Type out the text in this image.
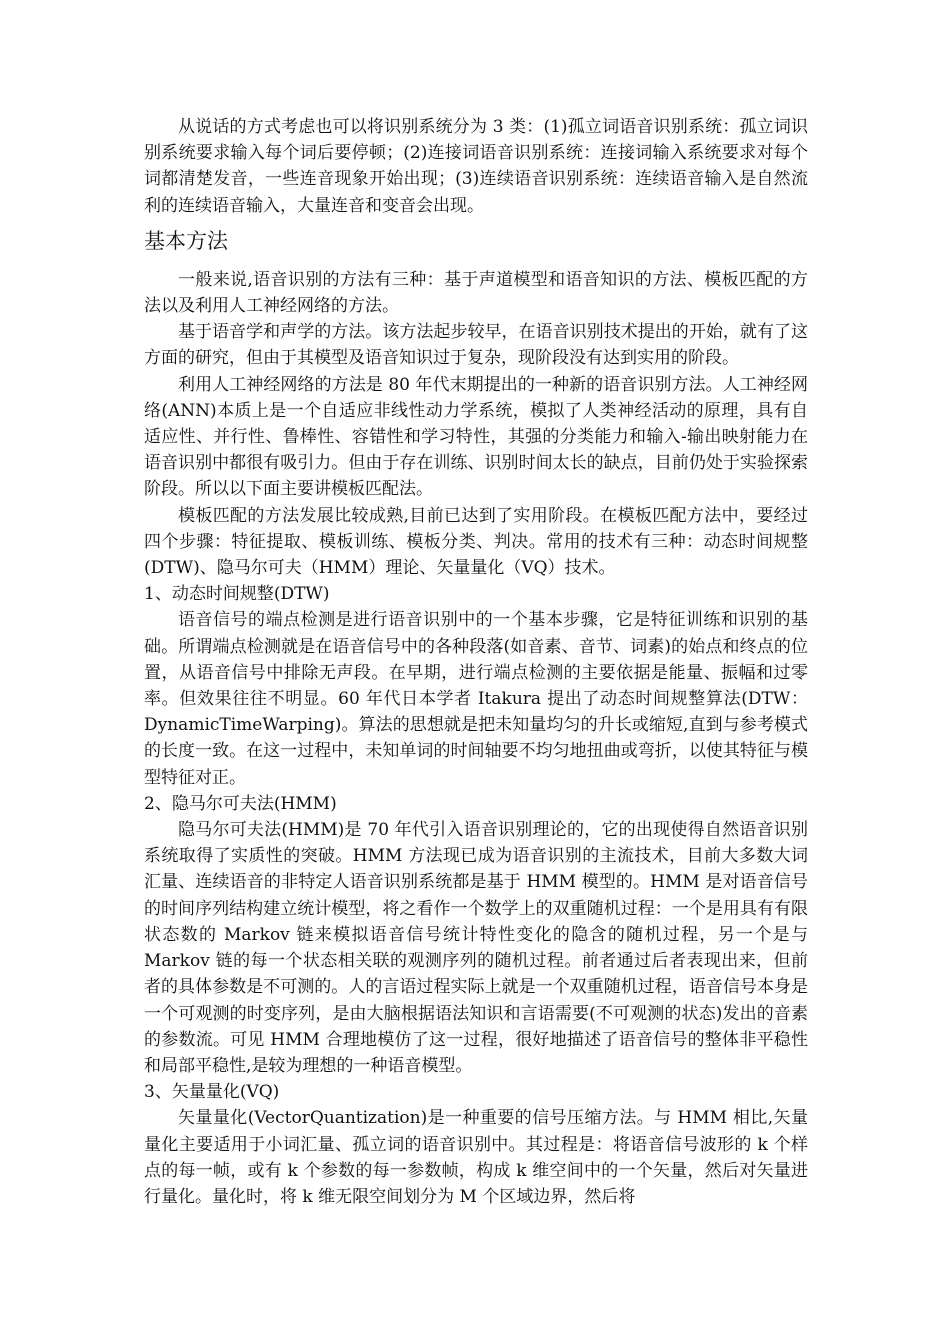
从说话的方式考虑也可以将识别系统分为 3 类：(1)孤立词语音识别系统：孤立词识别系统要求输入每个词后要停顿；(2)连接词语音识别系统：连接词输入系统要求对每个词都清楚发音，一些连音现象开始出现；(3)连续语音识别系统：连续语音输入是自然流利的连续语音输入，大量连音和变音会出现。

基本方法

一般来说,语音识别的方法有三种：基于声道模型和语音知识的方法、模板匹配的方法以及利用人工神经网络的方法。

基于语音学和声学的方法。该方法起步较早，在语音识别技术提出的开始，就有了这方面的研究，但由于其模型及语音知识过于复杂，现阶段没有达到实用的阶段。

利用人工神经网络的方法是 80 年代末期提出的一种新的语音识别方法。人工神经网络(ANN)本质上是一个自适应非线性动力学系统，模拟了人类神经活动的原理，具有自适应性、并行性、鲁棒性、容错性和学习特性，其强的分类能力和输入-输出映射能力在语音识别中都很有吸引力。但由于存在训练、识别时间太长的缺点，目前仍处于实验探索阶段。所以以下面主要讲模板匹配法。

模板匹配的方法发展比较成熟,目前已达到了实用阶段。在模板匹配方法中，要经过四个步骤：特征提取、模板训练、模板分类、判决。常用的技术有三种：动态时间规整(DTW)、隐马尔可夫（HMM）理论、矢量量化（VQ）技术。

1、动态时间规整(DTW)

语音信号的端点检测是进行语音识别中的一个基本步骤，它是特征训练和识别的基础。所谓端点检测就是在语音信号中的各种段落(如音素、音节、词素)的始点和终点的位置，从语音信号中排除无声段。在早期，进行端点检测的主要依据是能量、振幅和过零率。但效果往往不明显。60 年代日本学者 Itakura 提出了动态时间规整算法(DTW：DynamicTimeWarping)。算法的思想就是把未知量均匀的升长或缩短,直到与参考模式的长度一致。在这一过程中，未知单词的时间轴要不均匀地扭曲或弯折，以使其特征与模型特征对正。

2、隐马尔可夫法(HMM)

隐马尔可夫法(HMM)是 70 年代引入语音识别理论的，它的出现使得自然语音识别系统取得了实质性的突破。HMM 方法现已成为语音识别的主流技术，目前大多数大词汇量、连续语音的非特定人语音识别系统都是基于 HMM 模型的。HMM 是对语音信号的时间序列结构建立统计模型，将之看作一个数学上的双重随机过程：一个是用具有有限状态数的 Markov 链来模拟语音信号统计特性变化的隐含的随机过程，另一个是与 Markov 链的每一个状态相关联的观测序列的随机过程。前者通过后者表现出来，但前者的具体参数是不可测的。人的言语过程实际上就是一个双重随机过程，语音信号本身是一个可观测的时变序列，是由大脑根据语法知识和言语需要(不可观测的状态)发出的音素的参数流。可见 HMM 合理地模仿了这一过程，很好地描述了语音信号的整体非平稳性和局部平稳性,是较为理想的一种语音模型。

3、矢量量化(VQ)

矢量量化(VectorQuantization)是一种重要的信号压缩方法。与 HMM 相比,矢量量化主要适用于小词汇量、孤立词的语音识别中。其过程是：将语音信号波形的 k 个样点的每一帧，或有 k 个参数的每一参数帧，构成 k 维空间中的一个矢量，然后对矢量进行量化。量化时，将 k 维无限空间划分为 M 个区域边界，然后将
